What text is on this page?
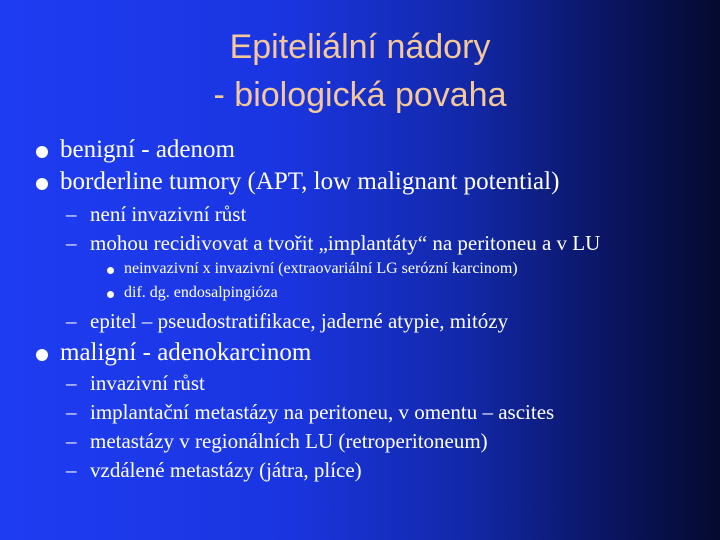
Epiteliální nádory
- biologická povaha
benigní - adenom
borderline tumory (APT, low malignant potential)
– není invazivní růst
– mohou recidivovat a tvořit „implantáty“ na peritoneu a v LU
neinvazivní x invazivní (extraovariální LG serózní karcinom)
dif. dg. endosalpingióza
– epitel – pseudostratifikace, jaderné atypie, mitózy
maligní - adenokarcinom
– invazivní růst
– implantační metastázy na peritoneu, v omentu – ascites
– metastázy v regionálních LU (retroperitoneum)
– vzdálené metastázy (játra, plíce)
